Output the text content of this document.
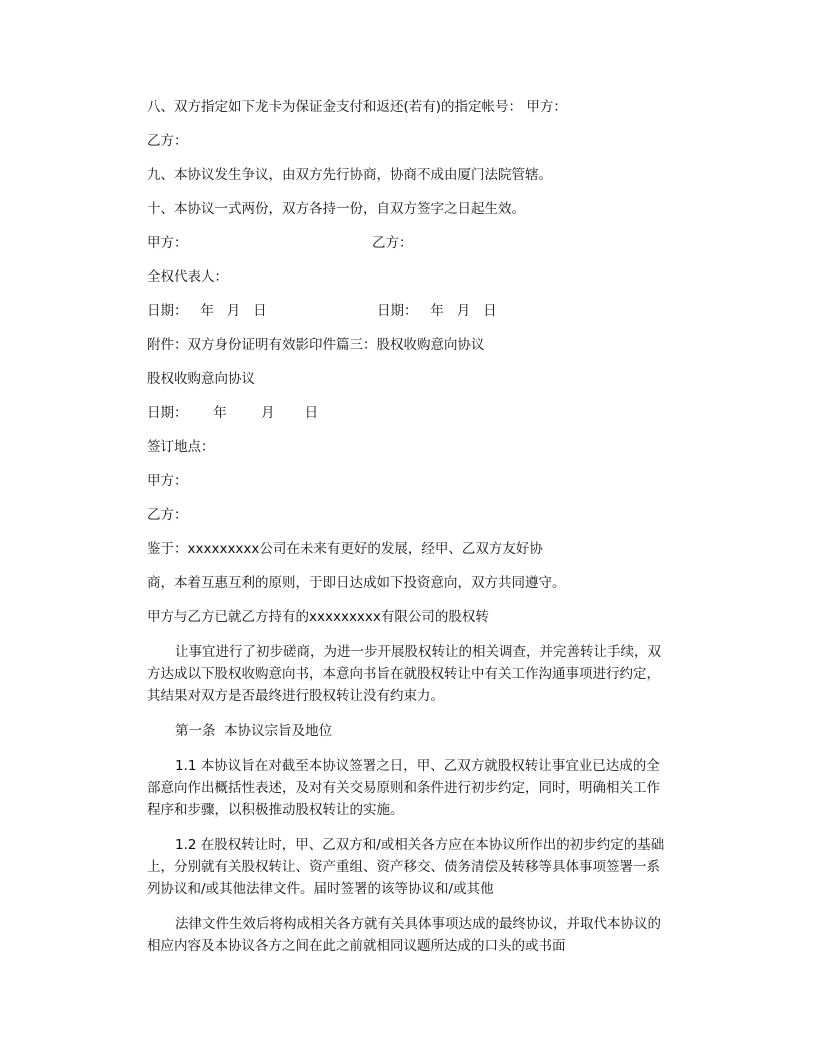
八、双方指定如下龙卡为保证金支付和返还(若有)的指定帐号： 甲方：

乙方：

九、本协议发生争议，由双方先行协商，协商不成由厦门法院管辖。

十、本协议一式两份，双方各持一份，自双方签字之日起生效。

甲方：	乙方：

全权代表人：

日期：   年   月   日	日期：   年   月   日

附件：双方身份证明有效影印件篇三：股权收购意向协议

股权收购意向协议

日期：      年        月       日

签订地点：

甲方：

乙方：

鉴于：xxxxxxxxx公司在未来有更好的发展，经甲、乙双方友好协

商，本着互惠互利的原则，于即日达成如下投资意向，双方共同遵守。

甲方与乙方已就乙方持有的xxxxxxxxx有限公司的股权转

让事宜进行了初步磋商，为进一步开展股权转让的相关调查，并完善转让手续，双方达成以下股权收购意向书，本意向书旨在就股权转让中有关工作沟通事项进行约定，其结果对双方是否最终进行股权转让没有约束力。

第一条  本协议宗旨及地位

1.1 本协议旨在对截至本协议签署之日，甲、乙双方就股权转让事宜业已达成的全部意向作出概括性表述，及对有关交易原则和条件进行初步约定，同时，明确相关工作程序和步骤，以积极推动股权转让的实施。

1.2 在股权转让时，甲、乙双方和/或相关各方应在本协议所作出的初步约定的基础上，分别就有关股权转让、资产重组、资产移交、债务清偿及转移等具体事项签署一系列协议和/或其他法律文件。届时签署的该等协议和/或其他

法律文件生效后将构成相关各方就有关具体事项达成的最终协议，并取代本协议的相应内容及本协议各方之间在此之前就相同议题所达成的口头的或书面
